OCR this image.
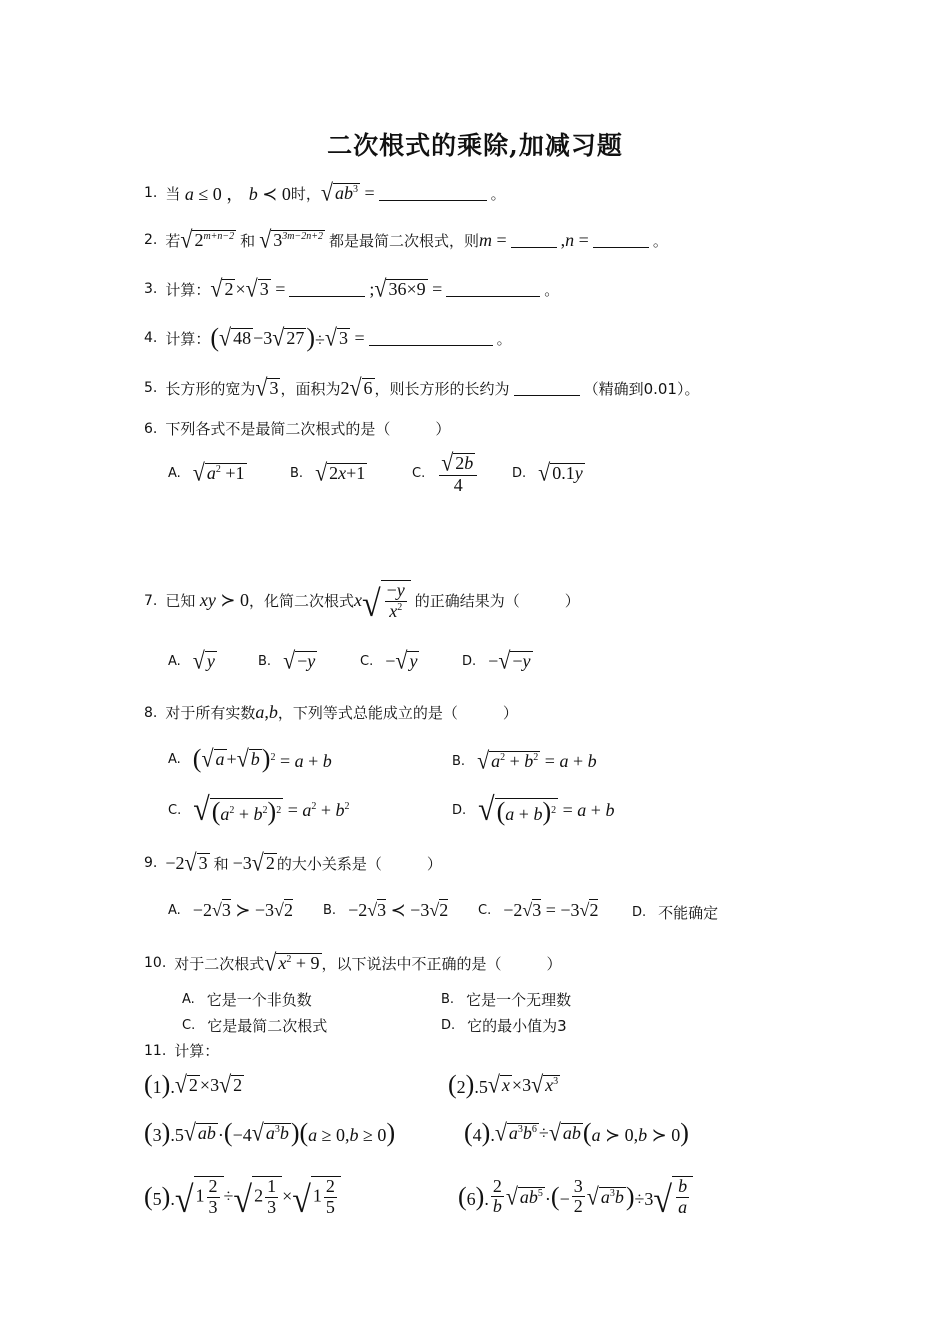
二次根式的乘除,加减习题
1. 当 a ≤ 0 ， b ≺ 0 时， √ $ab^3$ =	。
2. 若 √ $2^{m+n-2}$ 和 √ $3^{3m-2n+2}$ 都是最简二次根式，则 m =	,n =	。
3. 计算： √ 2 × √ 3 =	; √ 36×9 =	。
4. 计算： ( √ 48 −3 √ 27 )÷ √ 3 =	。
5. 长方形的宽为 √ 3 ，面积为 2 √ 6 ，则长方形的长约为	（精确到0.01）。
6. 下列各式不是最简二次根式的是（　　　）
A. √ $a^2 +1$	B. √ 2x+1	C. $\frac{√ 2b}{4}$	D. √ 0.1y
7. 已知 xy ≻ 0 ，化简二次根式 x √ $\frac{-y}{x^2}$ 的正确结果为（　　　）
A. √ y	B. √ −y	C. − √ y	D. − √ −y
8. 对于所有实数 a , b ，下列等式总能成立的是（　　　）
A. ( √ a + √ b )$^2$ = a + b	B. √ $a^2 + b^2 = a + b$
C. √ $(a^2 + b^2)^2 = a^2 + b^2$	D. √ $(a + b)^2 = a + b$
9. −2 √ 3 和 −3 √ 2 的大小关系是（　　　）
A. −2√3 ≻ −3√2 B. −2√3 ≺ −3√2 C. −2√3 = −3√2	D. 不能确定
10. 对于二次根式 √ $x^2 + 9$ ，以下说法中不正确的是（　　　）
A. 它是一个非负数	B. 它是一个无理数
C. 它是最简二次根式	D. 它的最小值为3
11. 计算：
(1). √ 2 ×3 √ 2	(2).5 √ x ×3 √ $x^3$
(3).5 √ ab ·(−4 √ $a^3b$ )(a ≥ 0,b ≥ 0)	(4). √ $a^3b^6$ ÷ √ ab (a ≻ 0,b ≻ 0)
(5). √ $1 \frac{2}{3}$ ÷ √ $2 \frac{1}{3}$ × √ $1 \frac{2}{5}$	(6). $\frac{2}{b}$ √ $ab^5$ ·(− $\frac{3}{2}$ √ $a^3b$ )÷3 √ $\frac{b}{a}$
